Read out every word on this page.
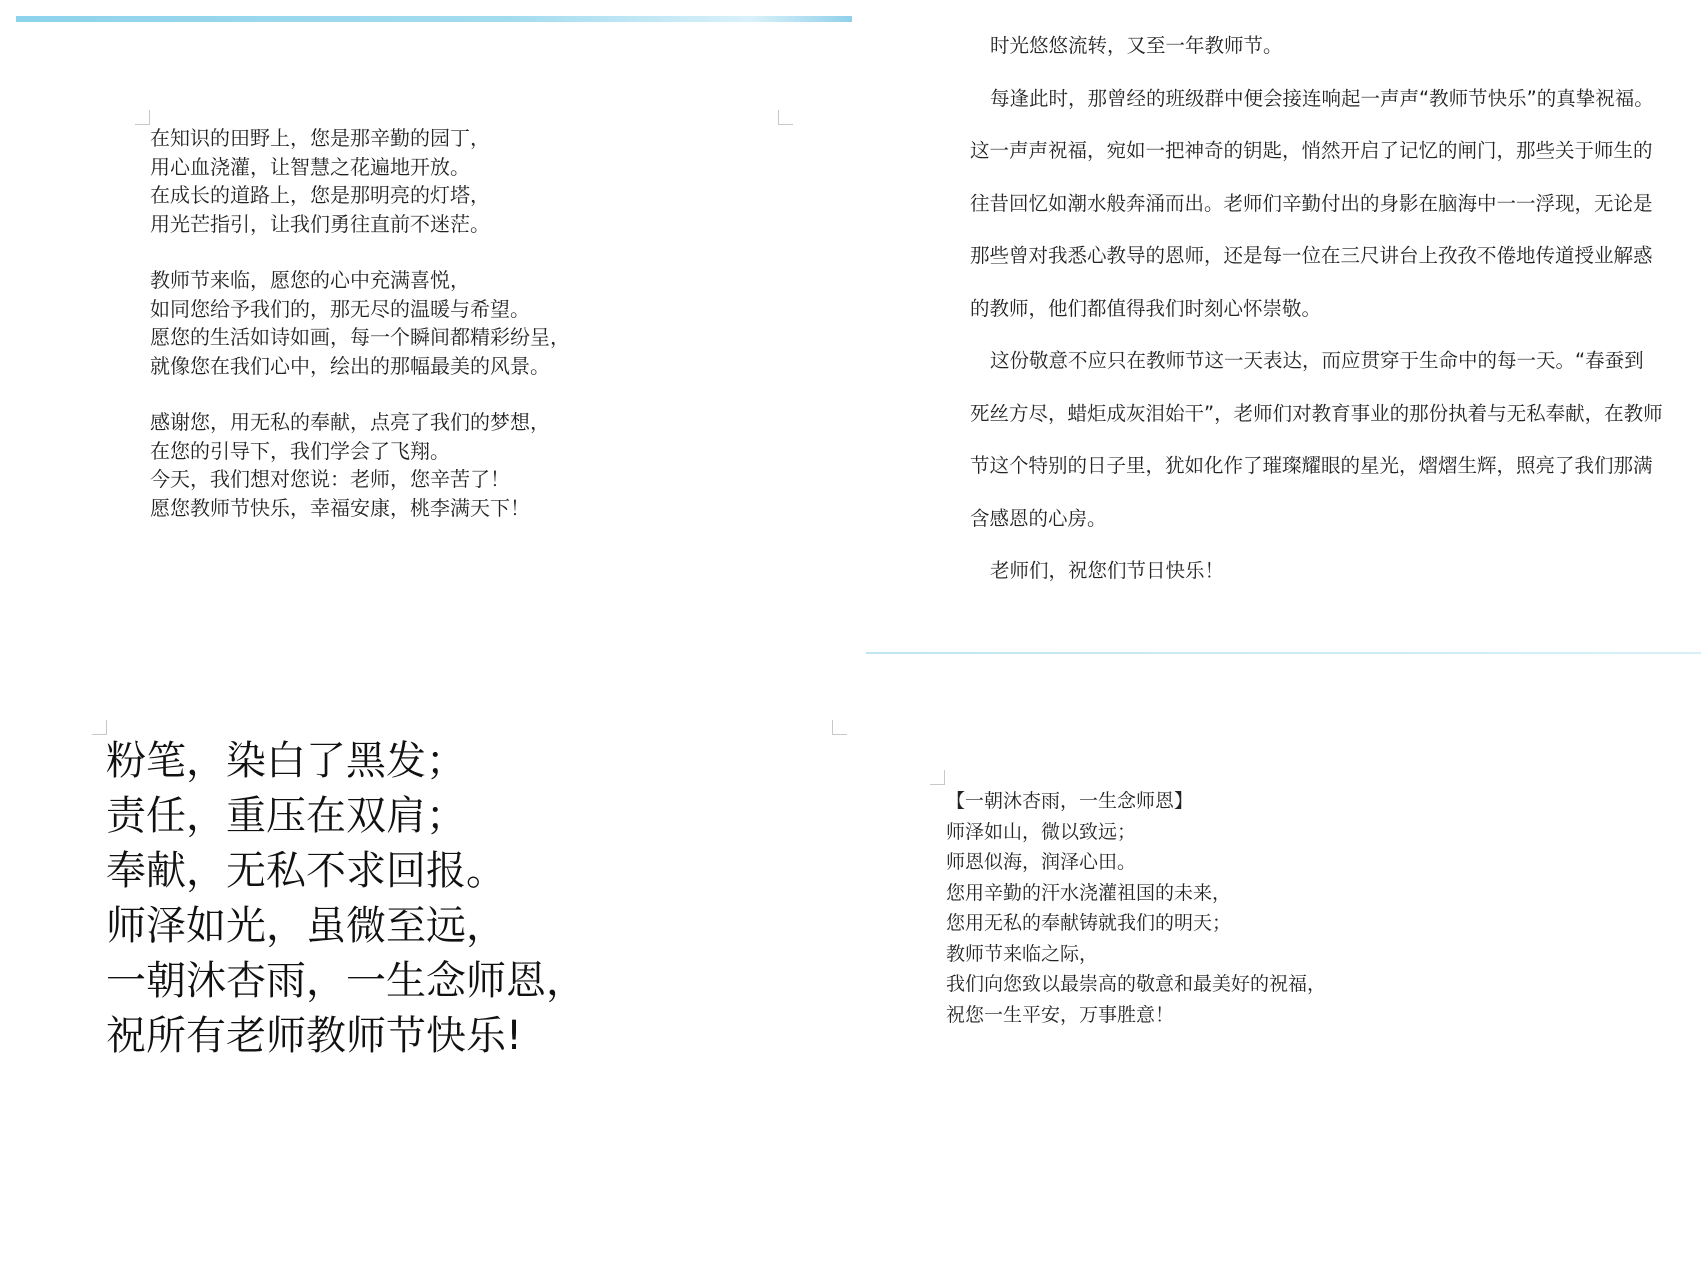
在知识的田野上，您是那辛勤的园丁，
用心血浇灌，让智慧之花遍地开放。
在成长的道路上，您是那明亮的灯塔，
用光芒指引，让我们勇往直前不迷茫。
教师节来临，愿您的心中充满喜悦，
如同您给予我们的，那无尽的温暖与希望。
愿您的生活如诗如画，每一个瞬间都精彩纷呈，
就像您在我们心中，绘出的那幅最美的风景。
感谢您，用无私的奉献，点亮了我们的梦想，
在您的引导下，我们学会了飞翔。
今天，我们想对您说：老师，您辛苦了！
愿您教师节快乐，幸福安康，桃李满天下！
时光悠悠流转，又至一年教师节。
每逢此时，那曾经的班级群中便会接连响起一声声“教师节快乐”的真挚祝福。
这一声声祝福，宛如一把神奇的钥匙，悄然开启了记忆的闸门，那些关于师生的
往昔回忆如潮水般奔涌而出。老师们辛勤付出的身影在脑海中一一浮现，无论是
那些曾对我悉心教导的恩师，还是每一位在三尺讲台上孜孜不倦地传道授业解惑
的教师，他们都值得我们时刻心怀崇敬。
这份敬意不应只在教师节这一天表达，而应贯穿于生命中的每一天。“春蚕到
死丝方尽，蜡炬成灰泪始干”，老师们对教育事业的那份执着与无私奉献，在教师
节这个特别的日子里，犹如化作了璀璨耀眼的星光，熠熠生辉，照亮了我们那满
含感恩的心房。
老师们，祝您们节日快乐！
粉笔，染白了黑发；
责任，重压在双肩；
奉献，无私不求回报。
师泽如光，虽微至远，
一朝沐杏雨，一生念师恩，
祝所有老师教师节快乐!
【一朝沐杏雨，一生念师恩】
师泽如山，微以致远；
师恩似海，润泽心田。
您用辛勤的汗水浇灌祖国的未来，
您用无私的奉献铸就我们的明天；
教师节来临之际，
我们向您致以最崇高的敬意和最美好的祝福，
祝您一生平安，万事胜意！
